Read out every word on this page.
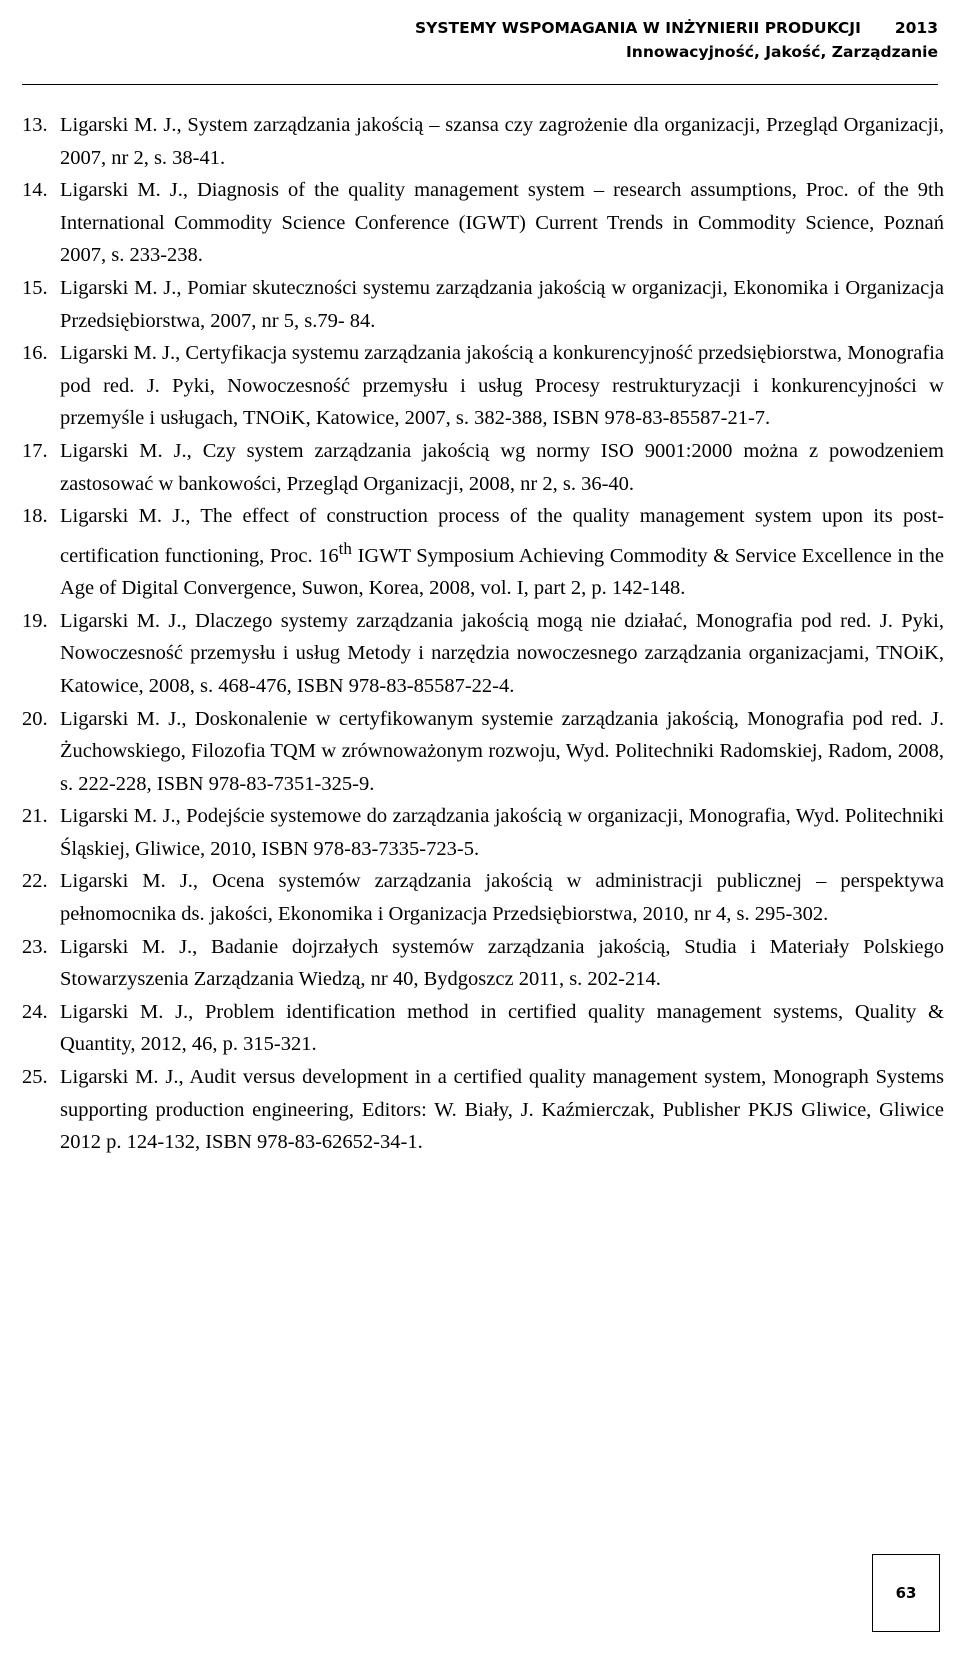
SYSTEMY WSPOMAGANIA W INŻYNIERII PRODUKCJI 2013
Innowacyjność, Jakość, Zarządzanie
13. Ligarski M. J., System zarządzania jakością – szansa czy zagrożenie dla organizacji, Przegląd Organizacji, 2007, nr 2, s. 38-41.
14. Ligarski M. J., Diagnosis of the quality management system – research assumptions, Proc. of the 9th International Commodity Science Conference (IGWT) Current Trends in Commodity Science, Poznań 2007, s. 233-238.
15. Ligarski M. J., Pomiar skuteczności systemu zarządzania jakością w organizacji, Ekonomika i Organizacja Przedsiębiorstwa, 2007, nr 5, s.79- 84.
16. Ligarski M. J., Certyfikacja systemu zarządzania jakością a konkurencyjność przedsiębiorstwa, Monografia pod red. J. Pyki, Nowoczesność przemysłu i usług Procesy restrukturyzacji i konkurencyjności w przemyśle i usługach, TNOiK, Katowice, 2007, s. 382-388, ISBN 978-83-85587-21-7.
17. Ligarski M. J., Czy system zarządzania jakością wg normy ISO 9001:2000 można z powodzeniem zastosować w bankowości, Przegląd Organizacji, 2008, nr 2, s. 36-40.
18. Ligarski M. J., The effect of construction process of the quality management system upon its post-certification functioning, Proc. 16th IGWT Symposium Achieving Commodity & Service Excellence in the Age of Digital Convergence, Suwon, Korea, 2008, vol. I, part 2, p. 142-148.
19. Ligarski M. J., Dlaczego systemy zarządzania jakością mogą nie działać, Monografia pod red. J. Pyki, Nowoczesność przemysłu i usług Metody i narzędzia nowoczesnego zarządzania organizacjami, TNOiK, Katowice, 2008, s. 468-476, ISBN 978-83-85587-22-4.
20. Ligarski M. J., Doskonalenie w certyfikowanym systemie zarządzania jakością, Monografia pod red. J. Żuchowskiego, Filozofia TQM w zrównoważonym rozwoju, Wyd. Politechniki Radomskiej, Radom, 2008, s. 222-228, ISBN 978-83-7351-325-9.
21. Ligarski M. J., Podejście systemowe do zarządzania jakością w organizacji, Monografia, Wyd. Politechniki Śląskiej, Gliwice, 2010, ISBN 978-83-7335-723-5.
22. Ligarski M. J., Ocena systemów zarządzania jakością w administracji publicznej – perspektywa pełnomocnika ds. jakości, Ekonomika i Organizacja Przedsiębiorstwa, 2010, nr 4, s. 295-302.
23. Ligarski M. J., Badanie dojrzałych systemów zarządzania jakością, Studia i Materiały Polskiego Stowarzyszenia Zarządzania Wiedzą, nr 40, Bydgoszcz 2011, s. 202-214.
24. Ligarski M. J., Problem identification method in certified quality management systems, Quality & Quantity, 2012, 46, p. 315-321.
25. Ligarski M. J., Audit versus development in a certified quality management system, Monograph Systems supporting production engineering, Editors: W. Biały, J. Kaźmierczak, Publisher PKJS Gliwice, Gliwice 2012 p. 124-132, ISBN 978-83-62652-34-1.
63
